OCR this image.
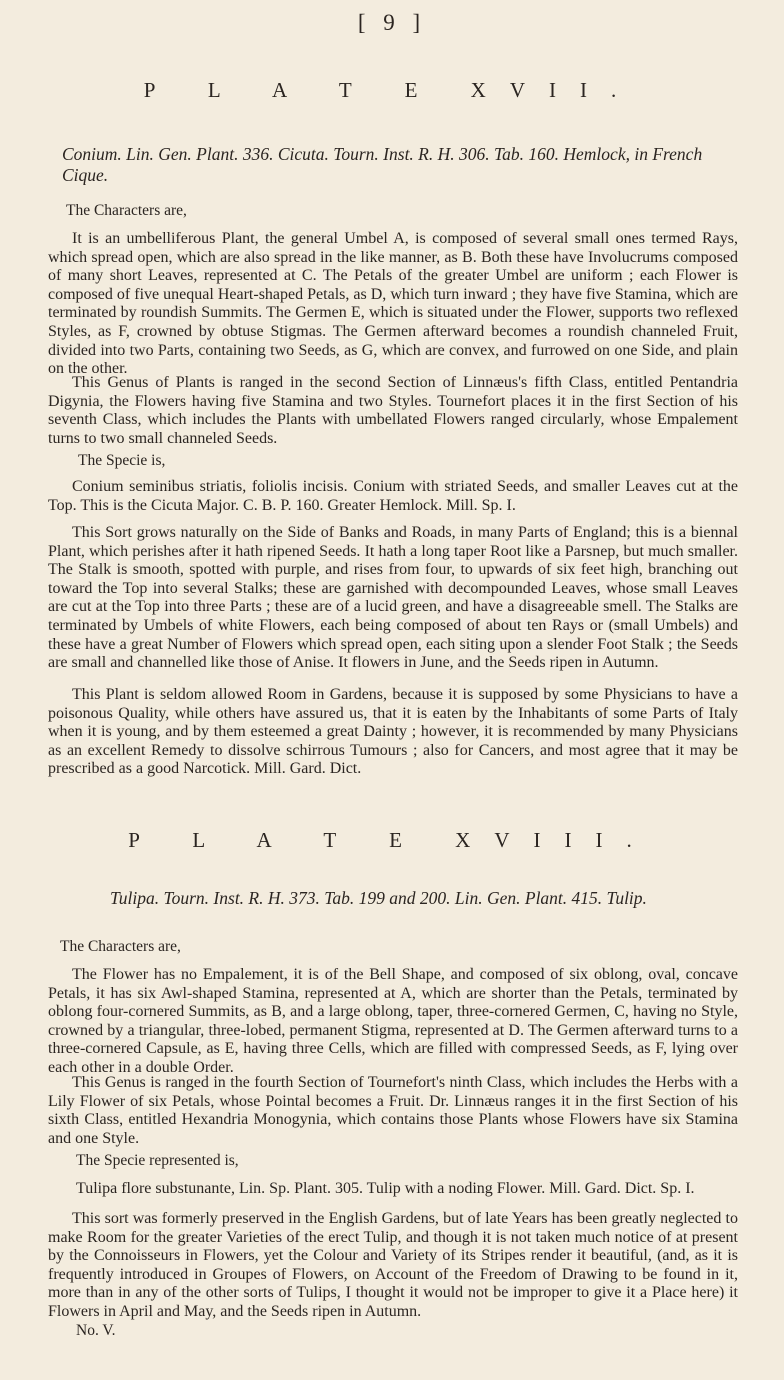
[ 9 ]
P L A T E XVII.
Conium. Lin. Gen. Plant. 336. Cicuta. Tourn. Inst. R. H. 306. Tab. 160. Hemlock, in French Cique.

The Characters are,

It is an umbelliferous Plant, the general Umbel A, is composed of several small ones termed Rays, which spread open, which are also spread in the like manner, as B. Both these have Involucrums composed of many short Leaves, represented at C. The Petals of the greater Umbel are uniform ; each Flower is composed of five unequal Heart-shaped Petals, as D, which turn inward ; they have five Stamina, which are terminated by roundish Summits. The Germen E, which is situated under the Flower, supports two reflexed Styles, as F, crowned by obtuse Stigmas. The Germen afterward becomes a roundish channeled Fruit, divided into two Parts, containing two Seeds, as G, which are convex, and furrowed on one Side, and plain on the other.

This Genus of Plants is ranged in the second Section of Linnæus's fifth Class, entitled Pentandria Digynia, the Flowers having five Stamina and two Styles. Tournefort places it in the first Section of his seventh Class, which includes the Plants with umbellated Flowers ranged circularly, whose Empalement turns to two small channeled Seeds.

The Specie is,

Conium seminibus striatis, foliolis incisis. Conium with striated Seeds, and smaller Leaves cut at the Top. This is the Cicuta Major. C. B. P. 160. Greater Hemlock. Mill. Sp. I.

This Sort grows naturally on the Side of Banks and Roads, in many Parts of England; this is a biennal Plant, which perishes after it hath ripened Seeds. It hath a long taper Root like a Parsnep, but much smaller. The Stalk is smooth, spotted with purple, and rises from four, to upwards of six feet high, branching out toward the Top into several Stalks; these are garnished with decompounded Leaves, whose small Leaves are cut at the Top into three Parts ; these are of a lucid green, and have a disagreeable smell. The Stalks are terminated by Umbels of white Flowers, each being composed of about ten Rays or (small Umbels) and these have a great Number of Flowers which spread open, each siting upon a slender Foot Stalk ; the Seeds are small and channelled like those of Anise. It flowers in June, and the Seeds ripen in Autumn.

This Plant is seldom allowed Room in Gardens, because it is supposed by some Physicians to have a poisonous Quality, while others have assured us, that it is eaten by the Inhabitants of some Parts of Italy when it is young, and by them esteemed a great Dainty ; however, it is recommended by many Physicians as an excellent Remedy to dissolve schirrous Tumours ; also for Cancers, and most agree that it may be prescribed as a good Narcotick. Mill. Gard. Dict.

P L A T E XVIII.
Tulipa. Tourn. Inst. R. H. 373. Tab. 199 and 200. Lin. Gen. Plant. 415. Tulip.

The Characters are,

The Flower has no Empalement, it is of the Bell Shape, and composed of six oblong, oval, concave Petals, it has six Awl-shaped Stamina, represented at A, which are shorter than the Petals, terminated by oblong four-cornered Summits, as B, and a large oblong, taper, three-cornered Germen, C, having no Style, crowned by a triangular, three-lobed, permanent Stigma, represented at D. The Germen afterward turns to a three-cornered Capsule, as E, having three Cells, which are filled with compressed Seeds, as F, lying over each other in a double Order.

This Genus is ranged in the fourth Section of Tournefort's ninth Class, which includes the Herbs with a Lily Flower of six Petals, whose Pointal becomes a Fruit. Dr. Linnæus ranges it in the first Section of his sixth Class, entitled Hexandria Monogynia, which contains those Plants whose Flowers have six Stamina and one Style.

The Specie represented is,

Tulipa flore substunante, Lin. Sp. Plant. 305. Tulip with a noding Flower. Mill. Gard. Dict. Sp. I.

This sort was formerly preserved in the English Gardens, but of late Years has been greatly neglected to make Room for the greater Varieties of the erect Tulip, and though it is not taken much notice of at present by the Connoisseurs in Flowers, yet the Colour and Variety of its Stripes render it beautiful, (and, as it is frequently introduced in Groupes of Flowers, on Account of the Freedom of Drawing to be found in it, more than in any of the other sorts of Tulips, I thought it would not be improper to give it a Place here) it Flowers in April and May, and the Seeds ripen in Autumn.

No. V.
